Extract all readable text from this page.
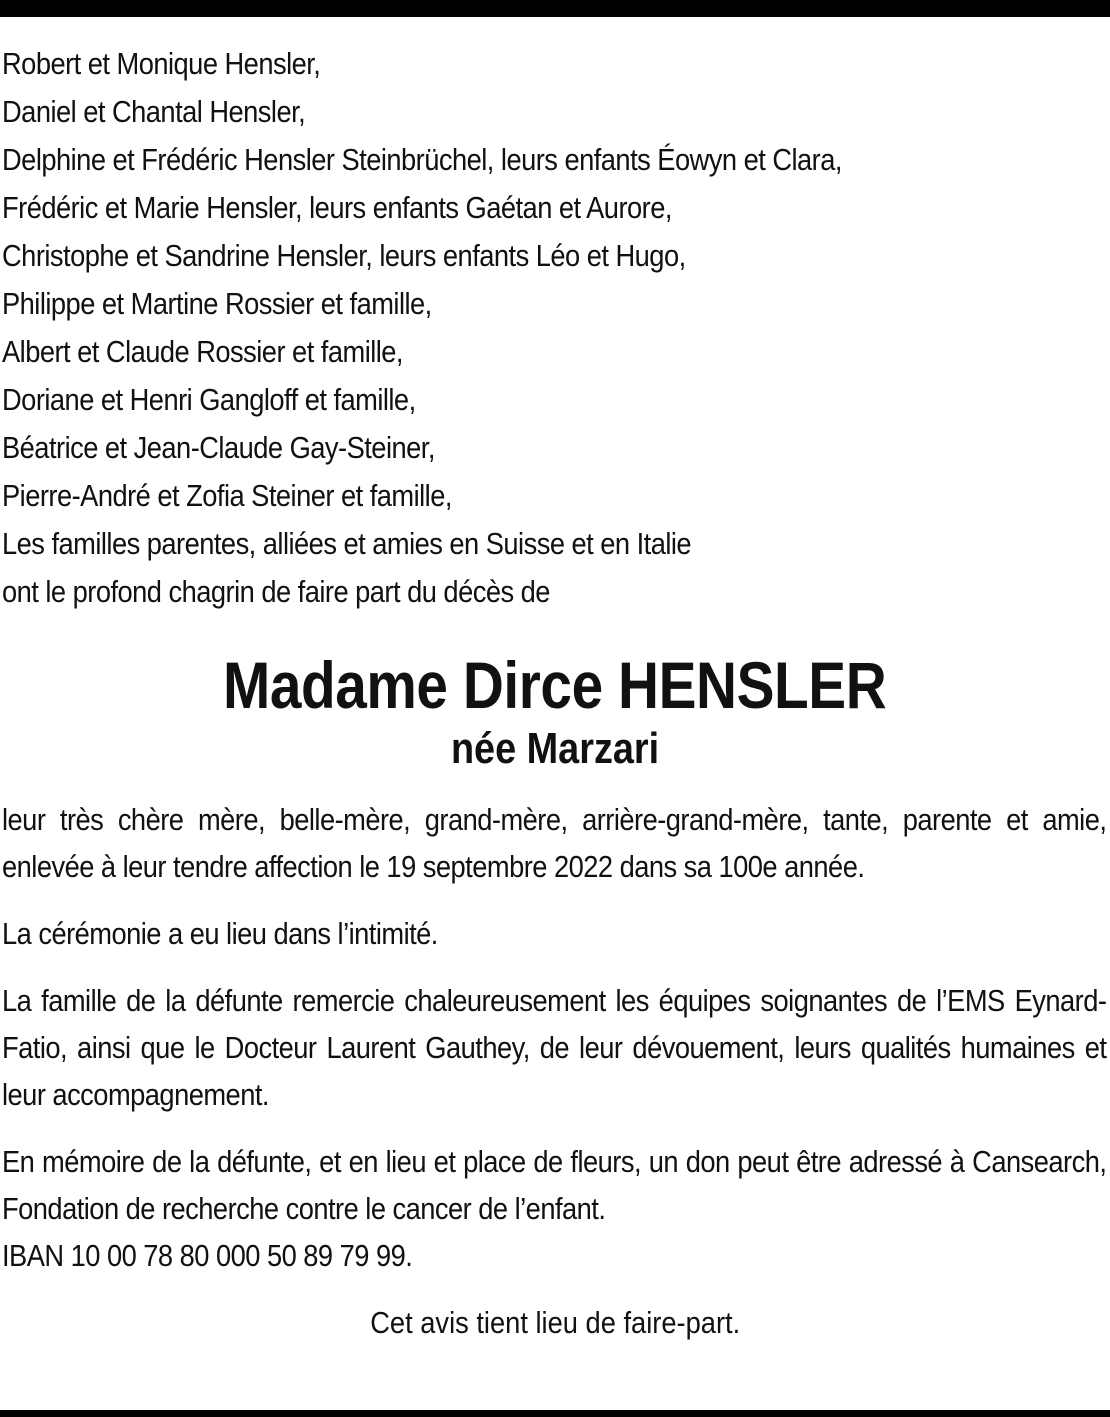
Robert et Monique Hensler,
Daniel et Chantal Hensler,
Delphine et Frédéric Hensler Steinbrüchel, leurs enfants Éowyn et Clara,
Frédéric et Marie Hensler, leurs enfants Gaétan et Aurore,
Christophe et Sandrine Hensler, leurs enfants Léo et Hugo,
Philippe et Martine Rossier et famille,
Albert et Claude Rossier et famille,
Doriane et Henri Gangloff et famille,
Béatrice et Jean-Claude Gay-Steiner,
Pierre-André et Zofia Steiner et famille,
Les familles parentes, alliées et amies en Suisse et en Italie
ont le profond chagrin de faire part du décès de
Madame Dirce HENSLER
née Marzari

leur très chère mère, belle-mère, grand-mère, arrière-grand-mère, tante, parente et amie, enlevée à leur tendre affection le 19 septembre 2022 dans sa 100e année.

La cérémonie a eu lieu dans l’intimité.

La famille de la défunte remercie chaleureusement les équipes soignantes de l’EMS Eynard-Fatio, ainsi que le Docteur Laurent Gauthey, de leur dévouement, leurs qualités humaines et leur accompagnement.

En mémoire de la défunte, et en lieu et place de fleurs, un don peut être adressé à Cansearch, Fondation de recherche contre le cancer de l’enfant.

IBAN 10 00 78 80 000 50 89 79 99.

Cet avis tient lieu de faire-part.
